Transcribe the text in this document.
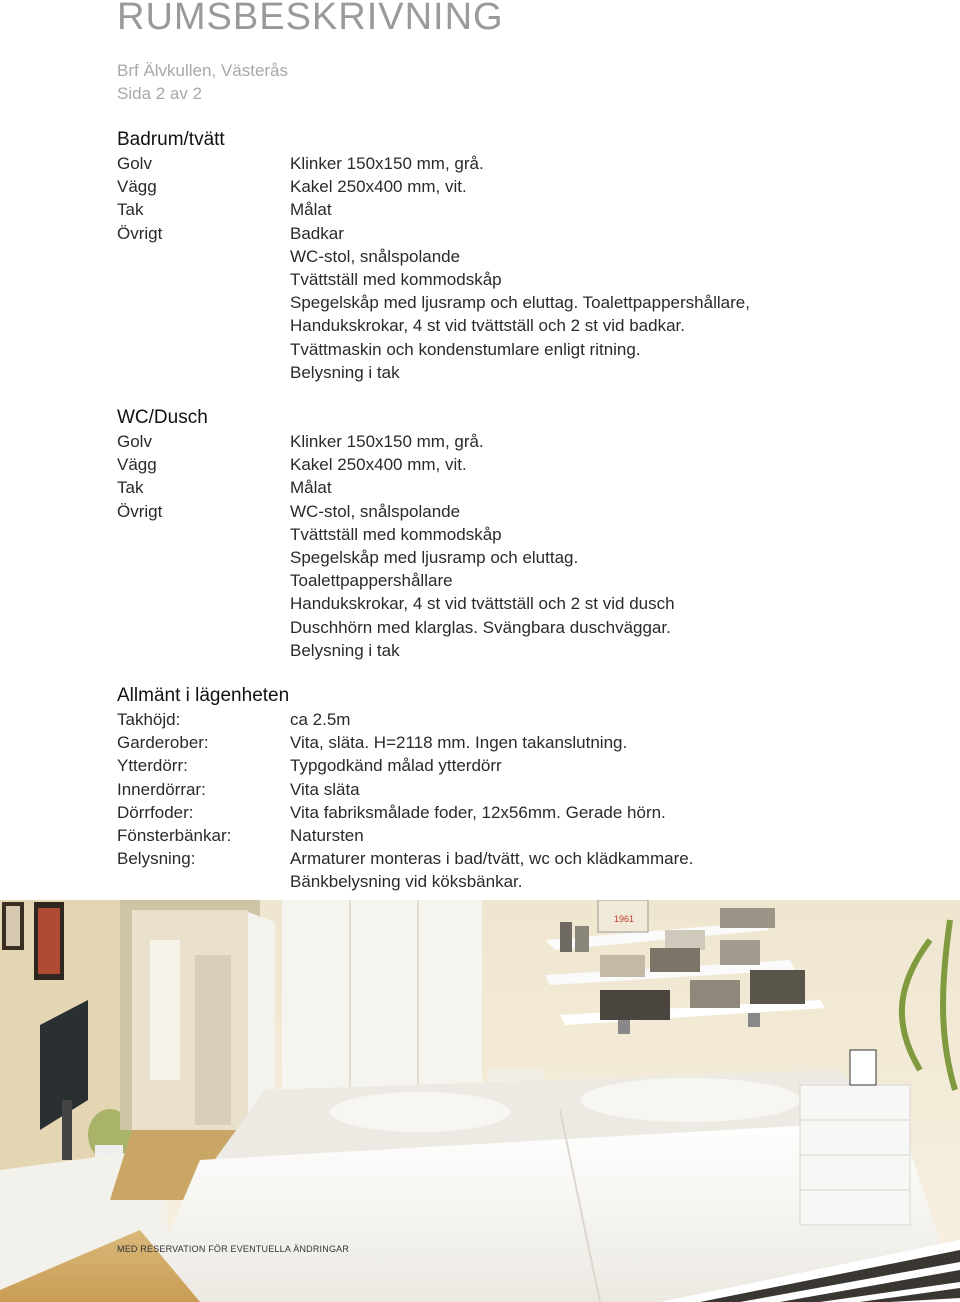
RUMSBESKRIVNING
Brf Älvkullen, Västerås
Sida 2 av 2
Badrum/tvätt
Golv
Vägg
Tak
Övrigt
Klinker 150x150 mm, grå.
Kakel 250x400 mm, vit.
Målat
Badkar
WC-stol, snålspolande
Tvättställ med kommodskåp
Spegelskåp med ljusramp och eluttag. Toalettpappershållare,
Handukskrokar, 4 st vid tvättställ och 2 st vid badkar.
Tvättmaskin och kondenstumlare enligt ritning.
Belysning i tak
WC/Dusch
Golv
Vägg
Tak
Övrigt
Klinker 150x150 mm, grå.
Kakel 250x400 mm, vit.
Målat
WC-stol, snålspolande
Tvättställ med kommodskåp
Spegelskåp med ljusramp och eluttag.
Toalettpappershållare
Handukskrokar, 4 st vid tvättställ och 2 st vid dusch
Duschhörn med klarglas. Svängbara duschväggar.
Belysning i tak
Allmänt i lägenheten
Takhöjd:
Garderober:
Ytterdörr:
Innerdörrar:
Dörrfoder:
Fönsterbänkar:
Belysning:
ca 2.5m
Vita, släta. H=2118 mm. Ingen takanslutning.
Typgodkänd målad ytterdörr
Vita släta
Vita fabriksmålade foder, 12x56mm. Gerade hörn.
Natursten
Armaturer monteras i bad/tvätt, wc och klädkammare.
Bänkbelysning vid köksbänkar.
1961
MED RESERVATION FÖR EVENTUELLA ÄNDRINGAR
